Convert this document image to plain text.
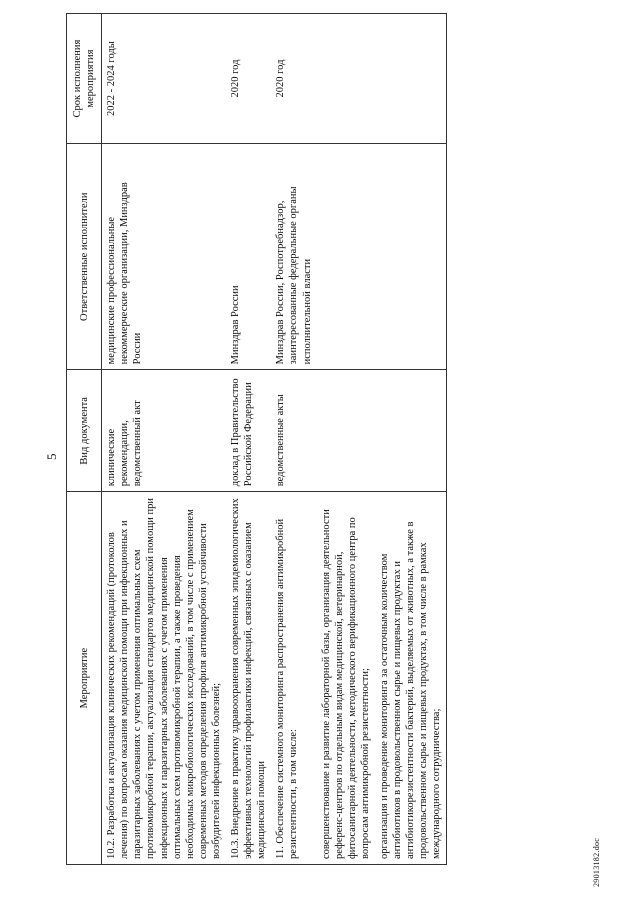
5
Мероприятие	Вид документа	Ответственные исполнители	Срок исполнения мероприятия
10.2. Разработка и актуализация клинических рекомендаций (протоколов лечения) по вопросам оказания медицинской помощи при инфекционных и паразитарных заболеваниях с учетом применения оптимальных схем противомикробной терапии, актуализация стандартов медицинской помощи при инфекционных и паразитарных заболеваниях с учетом применения оптимальных схем противомикробной терапии, а также проведения необходимых микробиологических исследований, в том числе с применением современных методов определения профиля антимикробной устойчивости возбудителей инфекционных болезней;	клинические рекомендации, ведомственный акт	медицинские профессиональные некоммерческие организации, Минздрав России	2022 - 2024 годы
10.3. Внедрение в практику здравоохранения современных эпидемиологических эффективных технологий профилактики инфекций, связанных с оказанием медицинской помощи	доклад в Правительство Российской Федерации	Минздрав России	2020 год
11. Обеспечение системного мониторинга распространения антимикробной резистентности, в том числе:	ведомственные акты	Минздрав России, Роспотребнадзор, заинтересованные федеральные органы исполнительной власти	2020 год
совершенствование и развитие лабораторной базы, организация деятельности референс-центров по отдельным видам медицинской, ветеринарной, фитосанитарной деятельности, методического верификационного центра по вопросам антимикробной резистентности;			
организация и проведение мониторинга за остаточным количеством антибиотиков в продовольственном сырье и пищевых продуктах и антибиотикорезистентности бактерий, выделяемых от животных, а также в продовольственном сырье и пищевых продуктах, в том числе в рамках международного сотрудничества;			
29013182.doc
